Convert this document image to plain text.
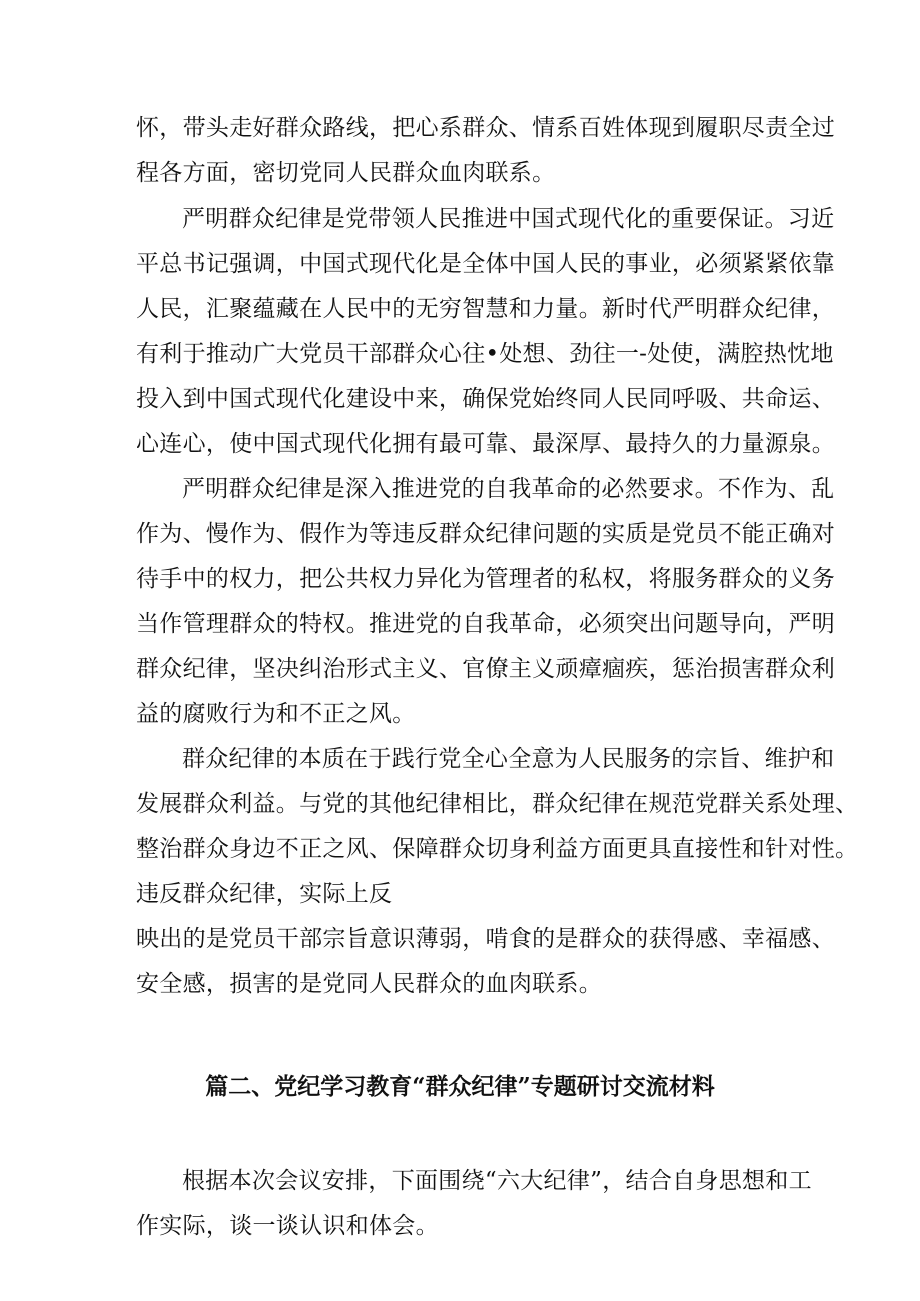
怀，带头走好群众路线，把心系群众、情系百姓体现到履职尽责全过
程各方面，密切党同人民群众血肉联系。
严明群众纪律是党带领人民推进中国式现代化的重要保证。习近
平总书记强调，中国式现代化是全体中国人民的事业，必须紧紧依靠
人民，汇聚蕴藏在人民中的无穷智慧和力量。新时代严明群众纪律，
有利于推动广大党员干部群众心往•处想、劲往一-处使，满腔热忱地
投入到中国式现代化建设中来，确保党始终同人民同呼吸、共命运、
心连心，使中国式现代化拥有最可靠、最深厚、最持久的力量源泉。
严明群众纪律是深入推进党的自我革命的必然要求。不作为、乱
作为、慢作为、假作为等违反群众纪律问题的实质是党员不能正确对
待手中的权力，把公共权力异化为管理者的私权，将服务群众的义务
当作管理群众的特权。推进党的自我革命，必须突出问题导向，严明
群众纪律，坚决纠治形式主义、官僚主义顽瘴痼疾，惩治损害群众利
益的腐败行为和不正之风。
群众纪律的本质在于践行党全心全意为人民服务的宗旨、维护和
发展群众利益。与党的其他纪律相比，群众纪律在规范党群关系处理、
整治群众身边不正之风、保障群众切身利益方面更具直接性和针对性。
违反群众纪律，实际上反
映出的是党员干部宗旨意识薄弱，啃食的是群众的获得感、幸福感、
安全感，损害的是党同人民群众的血肉联系。
篇二、党纪学习教育“群众纪律”专题研讨交流材料
根据本次会议安排，下面围绕“六大纪律”，结合自身思想和工
作实际，谈一谈认识和体会。
